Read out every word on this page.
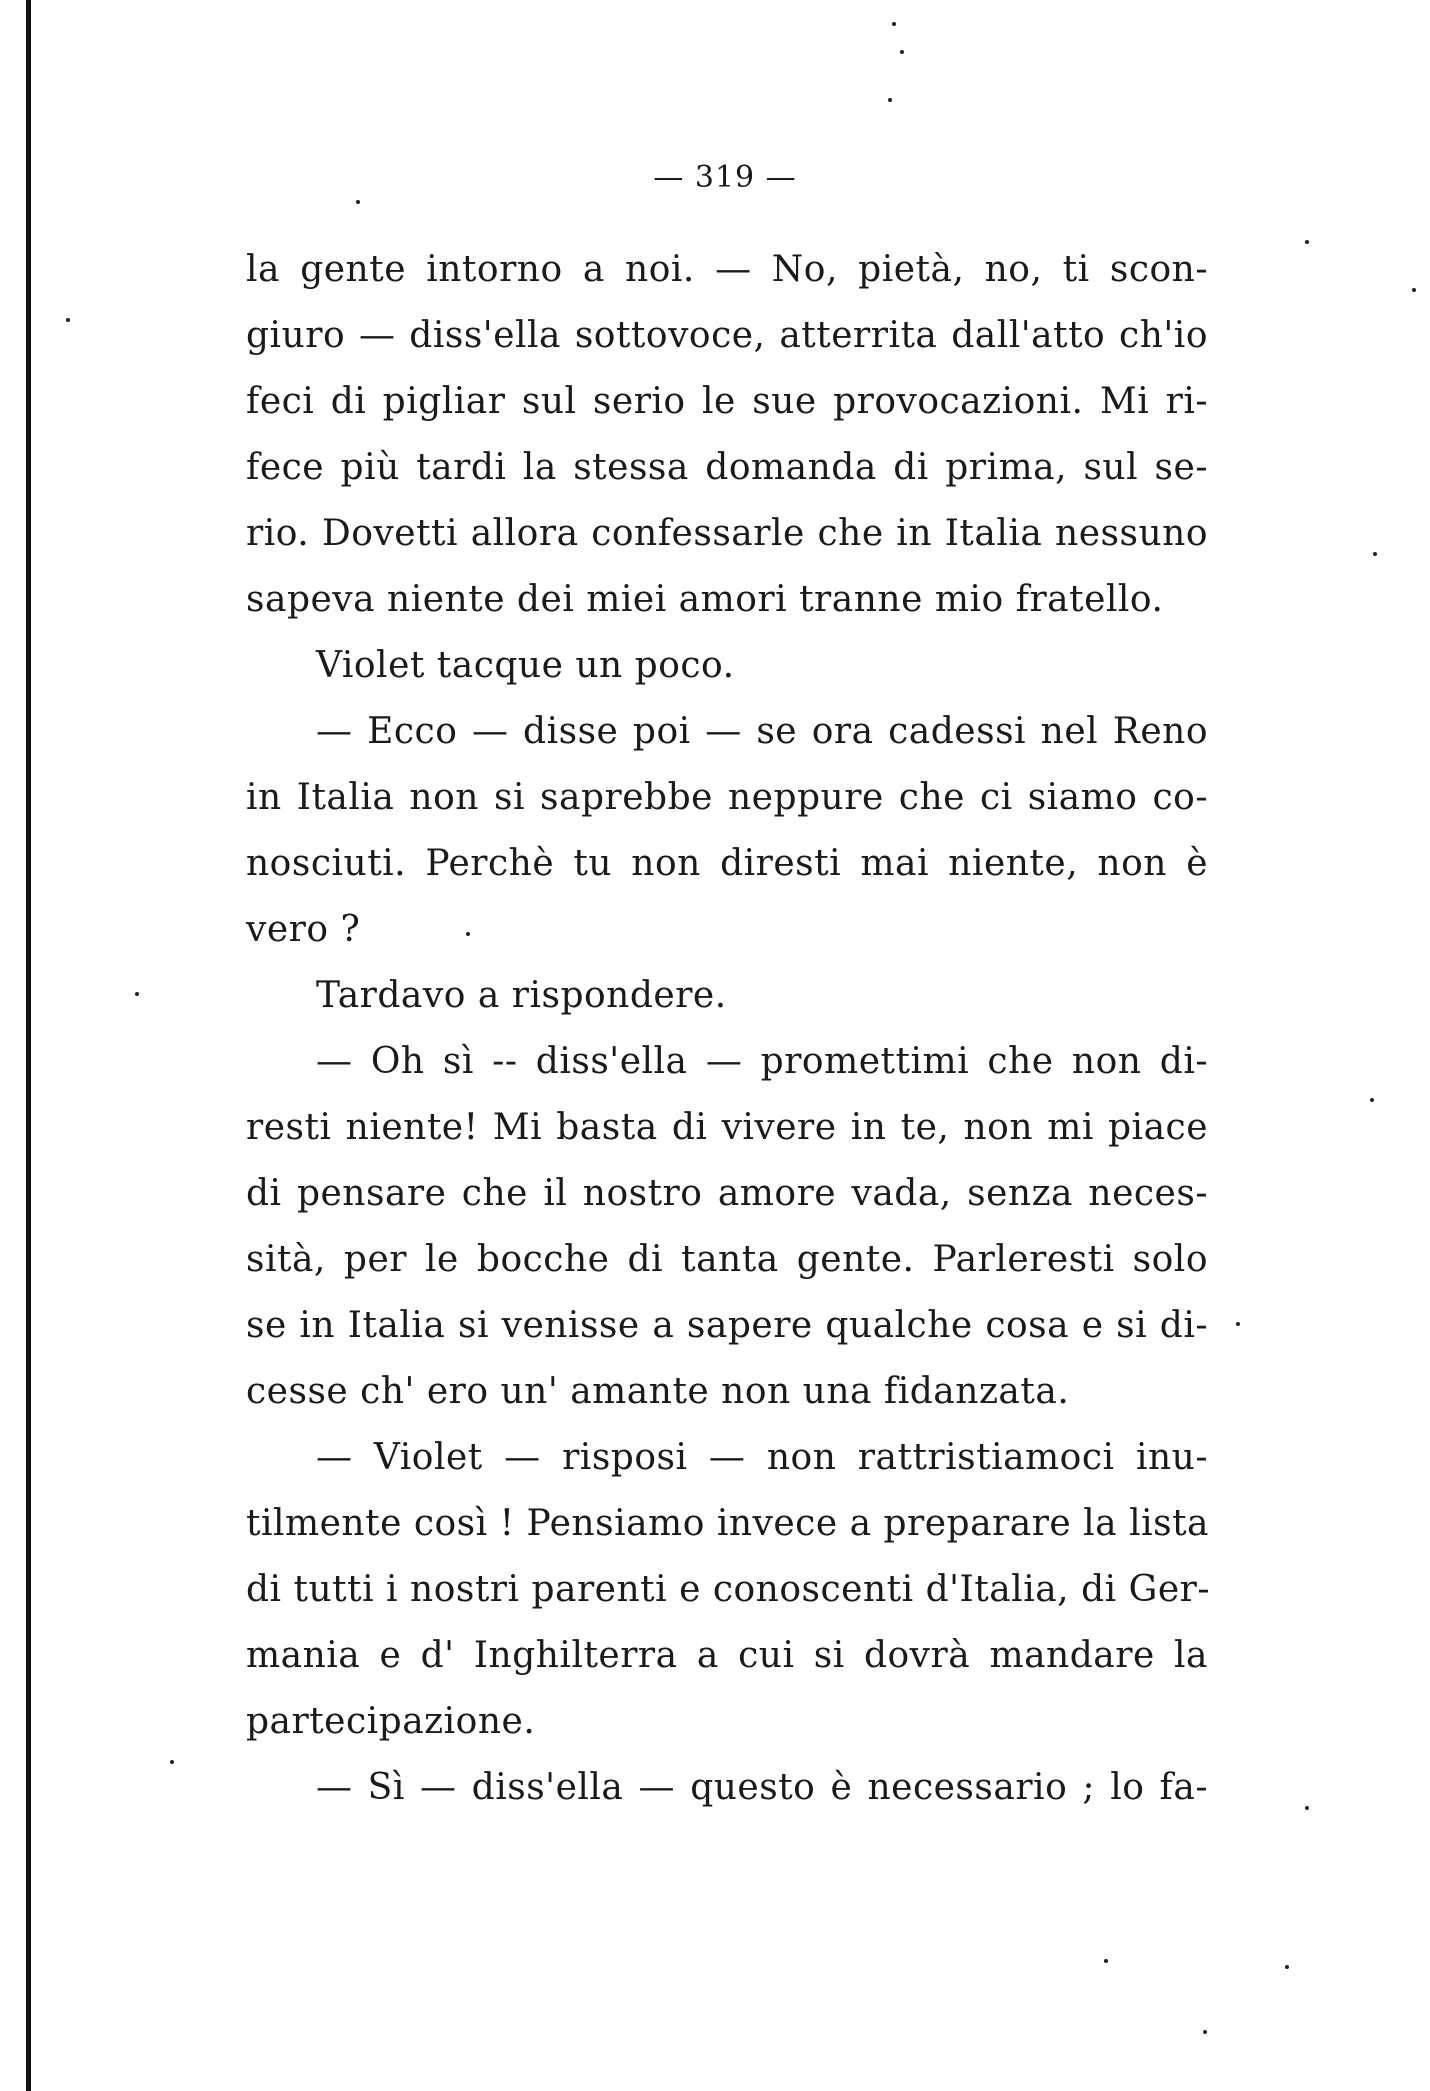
— 319 —
la gente intorno a noi. — No, pietà, no, ti scon-
giuro — diss'ella sottovoce, atterrita dall'atto ch'io
feci di pigliar sul serio le sue provocazioni. Mi ri-
fece più tardi la stessa domanda di prima, sul se-
rio. Dovetti allora confessarle che in Italia nessuno
sapeva niente dei miei amori tranne mio fratello.
Violet tacque un poco.
— Ecco — disse poi — se ora cadessi nel Reno
in Italia non si saprebbe neppure che ci siamo co-
nosciuti. Perchè tu non diresti mai niente, non è
vero ?
Tardavo a rispondere.
— Oh sì -- diss'ella — promettimi che non di-
resti niente! Mi basta di vivere in te, non mi piace
di pensare che il nostro amore vada, senza neces-
sità, per le bocche di tanta gente. Parleresti solo
se in Italia si venisse a sapere qualche cosa e si di-
cesse ch' ero un' amante non una fidanzata.
— Violet — risposi — non rattristiamoci inu-
tilmente così ! Pensiamo invece a preparare la lista
di tutti i nostri parenti e conoscenti d'Italia, di Ger-
mania e d' Inghilterra a cui si dovrà mandare la
partecipazione.
— Sì — diss'ella — questo è necessario ; lo fa-
